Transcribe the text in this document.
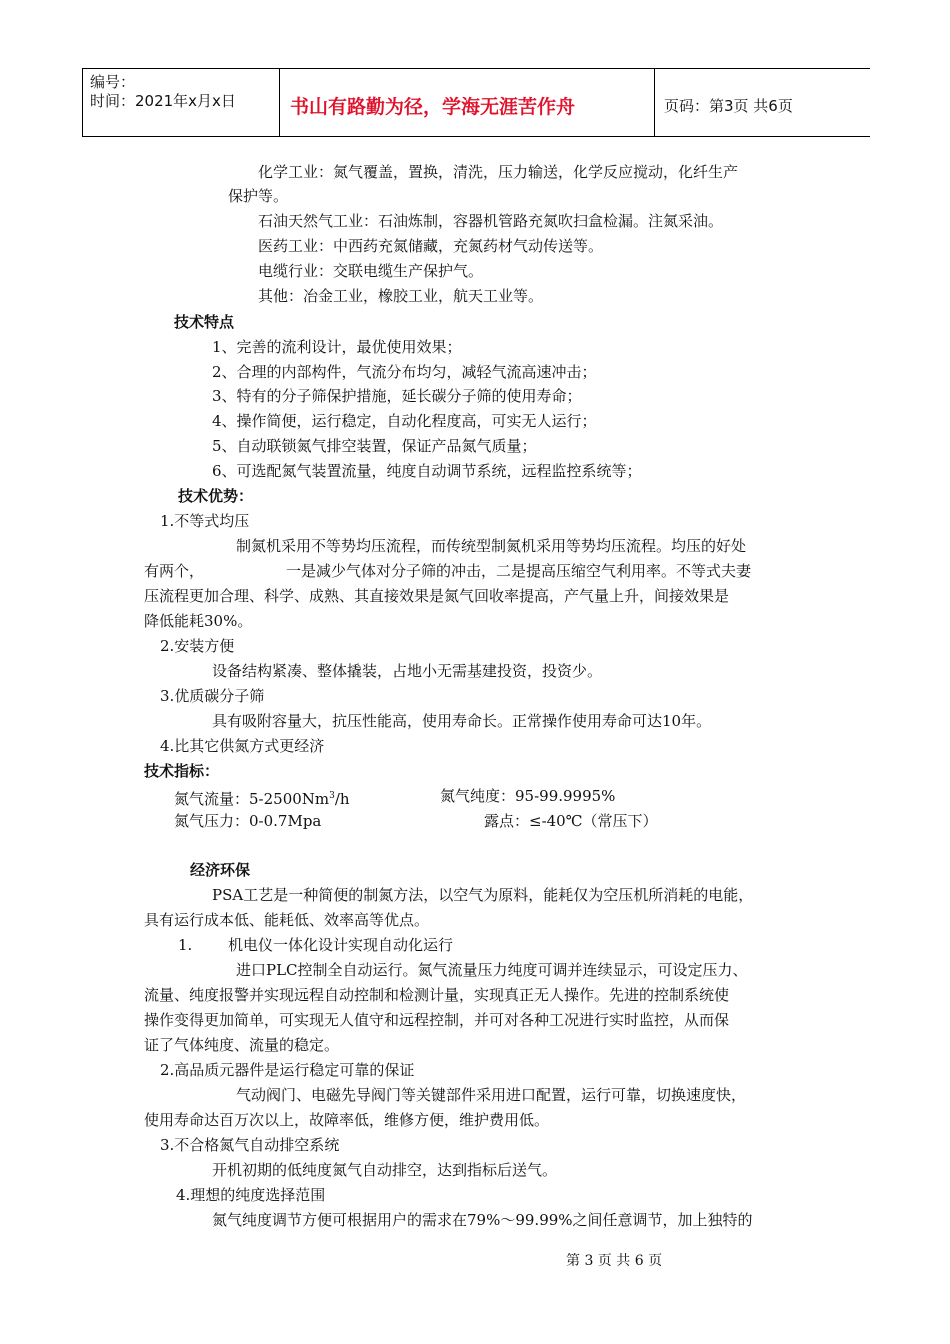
编号：
时间：2021年x月x日	书山有路勤为径，学海无涯苦作舟	页码：第3页 共6页
化学工业：氮气覆盖，置换，清洗，压力输送，化学反应搅动，化纤生产
保护等。
石油天然气工业：石油炼制，容器机管路充氮吹扫盒检漏。注氮采油。
医药工业：中西药充氮储藏，充氮药材气动传送等。
电缆行业：交联电缆生产保护气。
其他：冶金工业，橡胶工业，航天工业等。
技术特点
1、完善的流利设计，最优使用效果；
2、合理的内部构件，气流分布均匀，减轻气流高速冲击；
3、特有的分子筛保护措施，延长碳分子筛的使用寿命；
4、操作简便，运行稳定，自动化程度高，可实无人运行；
5、自动联锁氮气排空装置，保证产品氮气质量；
6、可选配氮气装置流量，纯度自动调节系统，远程监控系统等；
技术优势：
1.不等式均压
制氮机采用不等势均压流程，而传统型制氮机采用等势均压流程。均压的好处
有两个，	一是减少气体对分子筛的冲击，二是提高压缩空气利用率。不等式夫妻
压流程更加合理、科学、成熟、其直接效果是氮气回收率提高，产气量上升，间接效果是
降低能耗30%。
2.安装方便
设备结构紧凑、整体撬装，占地小无需基建投资，投资少。
3.优质碳分子筛
具有吸附容量大，抗压性能高，使用寿命长。正常操作使用寿命可达10年。
4.比其它供氮方式更经济
技术指标：
氮气流量：5-2500Nm$^3$/h	氮气纯度：95-99.9995%
氮气压力：0-0.7Mpa	露点：≤-40℃（常压下）
经济环保
PSA工艺是一种简便的制氮方法，以空气为原料，能耗仅为空压机所消耗的电能，
具有运行成本低、能耗低、效率高等优点。
1. 机电仪一体化设计实现自动化运行
进口PLC控制全自动运行。氮气流量压力纯度可调并连续显示，可设定压力、
流量、纯度报警并实现远程自动控制和检测计量，实现真正无人操作。先进的控制系统使
操作变得更加简单，可实现无人值守和远程控制，并可对各种工况进行实时监控，从而保
证了气体纯度、流量的稳定。
2.高品质元器件是运行稳定可靠的保证
气动阀门、电磁先导阀门等关键部件采用进口配置，运行可靠，切换速度快，
使用寿命达百万次以上，故障率低，维修方便，维护费用低。
3.不合格氮气自动排空系统
开机初期的低纯度氮气自动排空，达到指标后送气。
4.理想的纯度选择范围
氮气纯度调节方便可根据用户的需求在79%～99.99%之间任意调节，加上独特的
第 3 页 共 6 页
